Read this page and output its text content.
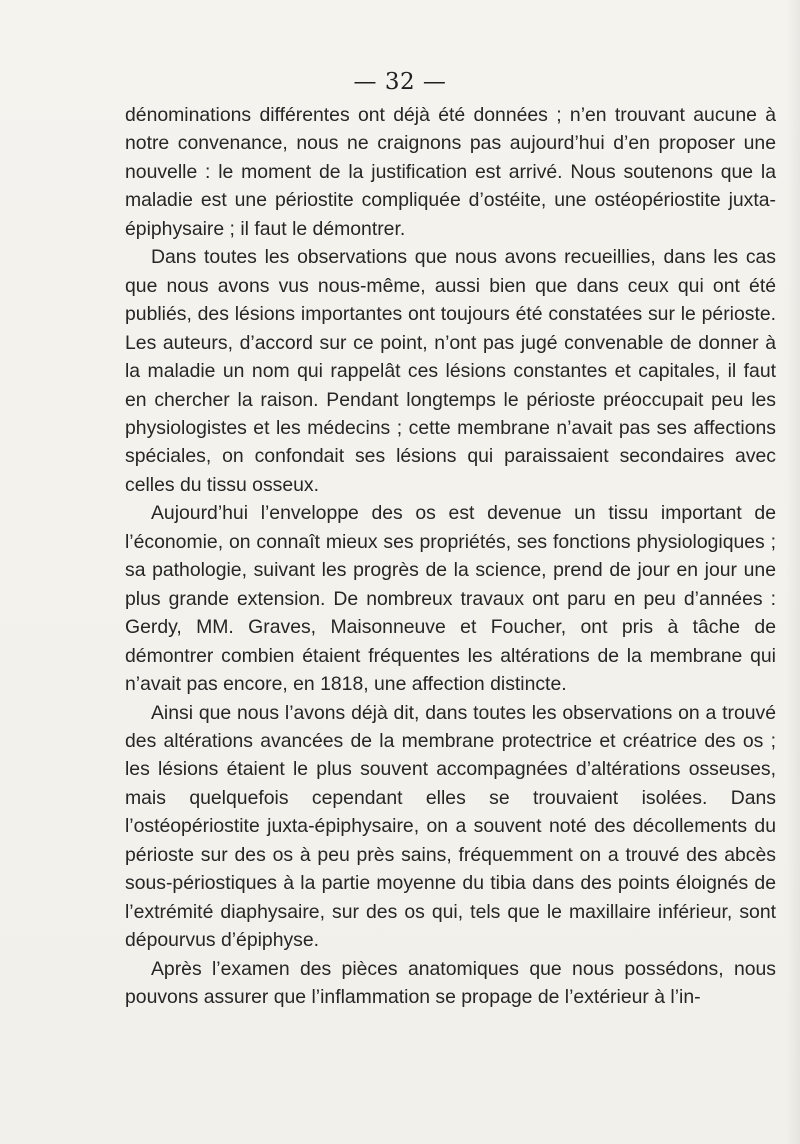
— 32 —

dénominations différentes ont déjà été données ; n’en trouvant aucune à notre convenance, nous ne craignons pas aujourd’hui d’en proposer une nouvelle : le moment de la justification est arrivé. Nous soutenons que la maladie est une périostite compliquée d’ostéite, une ostéopériostite juxta-épiphysaire ; il faut le démontrer.

Dans toutes les observations que nous avons recueillies, dans les cas que nous avons vus nous-même, aussi bien que dans ceux qui ont été publiés, des lésions importantes ont toujours été constatées sur le périoste. Les auteurs, d’accord sur ce point, n’ont pas jugé convenable de donner à la maladie un nom qui rappelât ces lésions constantes et capitales, il faut en chercher la raison. Pendant longtemps le périoste préoccupait peu les physiologistes et les médecins ; cette membrane n’avait pas ses affections spéciales, on confondait ses lésions qui paraissaient secondaires avec celles du tissu osseux.

Aujourd’hui l’enveloppe des os est devenue un tissu important de l’économie, on connaît mieux ses propriétés, ses fonctions physiologiques ; sa pathologie, suivant les progrès de la science, prend de jour en jour une plus grande extension. De nombreux travaux ont paru en peu d’années : Gerdy, MM. Graves, Maisonneuve et Foucher, ont pris à tâche de démontrer combien étaient fréquentes les altérations de la membrane qui n’avait pas encore, en 1818, une affection distincte.

Ainsi que nous l’avons déjà dit, dans toutes les observations on a trouvé des altérations avancées de la membrane protectrice et créatrice des os ; les lésions étaient le plus souvent accompagnées d’altérations osseuses, mais quelquefois cependant elles se trouvaient isolées. Dans l’ostéopériostite juxta-épiphysaire, on a souvent noté des décollements du périoste sur des os à peu près sains, fréquemment on a trouvé des abcès sous-périostiques à la partie moyenne du tibia dans des points éloignés de l’extrémité diaphysaire, sur des os qui, tels que le maxillaire inférieur, sont dépourvus d’épiphyse.

Après l’examen des pièces anatomiques que nous possédons, nous pouvons assurer que l’inflammation se propage de l’extérieur à l’in-
